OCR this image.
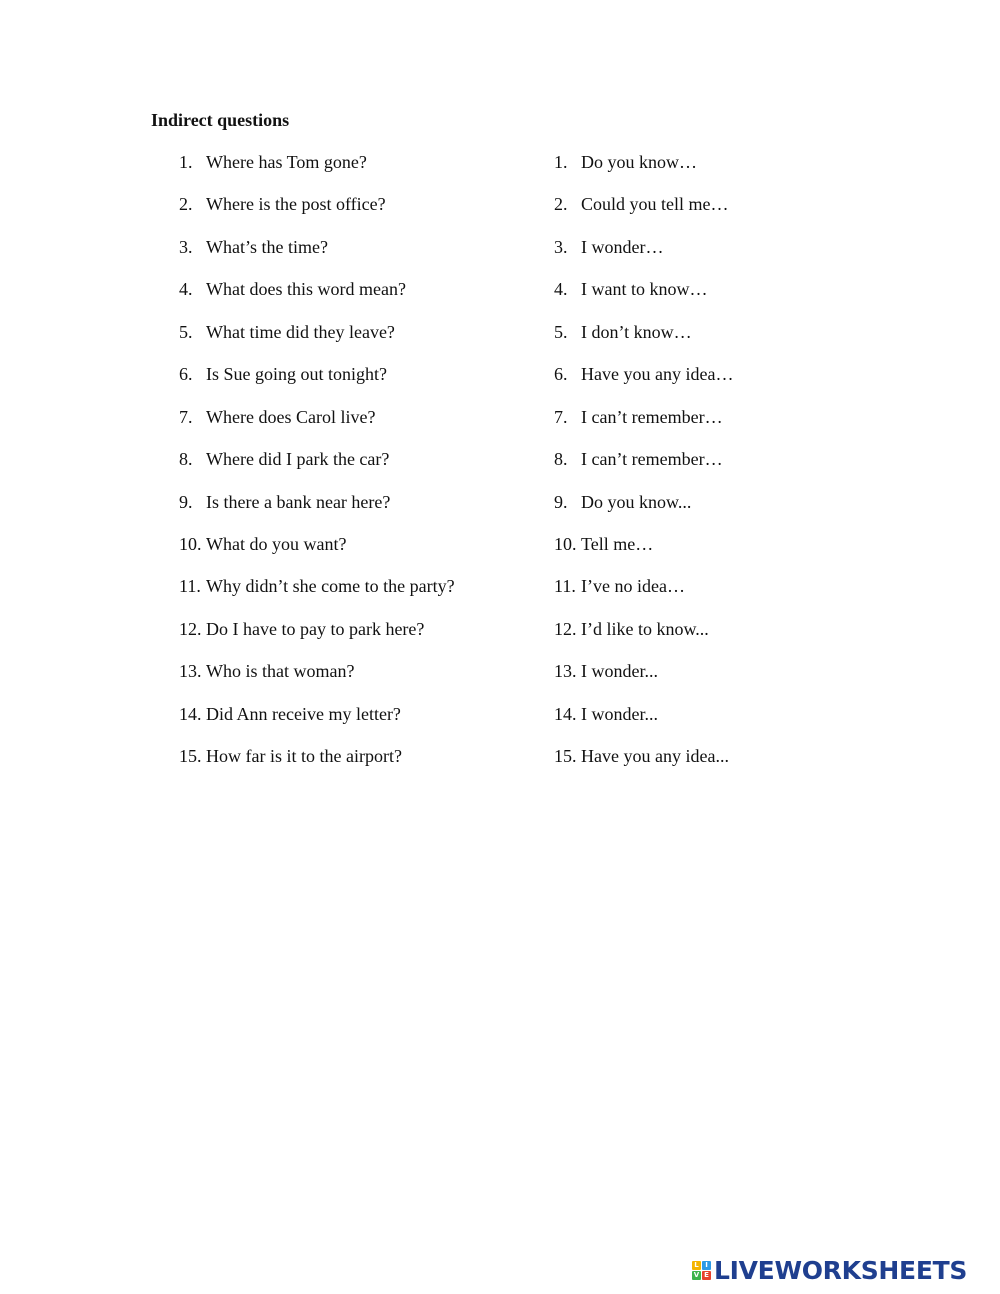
Indirect questions
1. Where has Tom gone?
2. Where is the post office?
3. What’s the time?
4. What does this word mean?
5. What time did they leave?
6. Is Sue going out tonight?
7. Where does Carol live?
8. Where did I park the car?
9. Is there a bank near here?
10. What do you want?
11. Why didn’t she come to the party?
12. Do I have to pay to park here?
13. Who is that woman?
14. Did Ann receive my letter?
15. How far is it to the airport?
1. Do you know…
2. Could you tell me…
3. I wonder…
4. I want to know…
5. I don’t know…
6. Have you any idea…
7. I can’t remember…
8. I can’t remember…
9. Do you know...
10. Tell me…
11. I’ve no idea…
12. I’d like to know...
13. I wonder...
14. I wonder...
15. Have you any idea...
L I
V E LIVEWORKSHEETS
